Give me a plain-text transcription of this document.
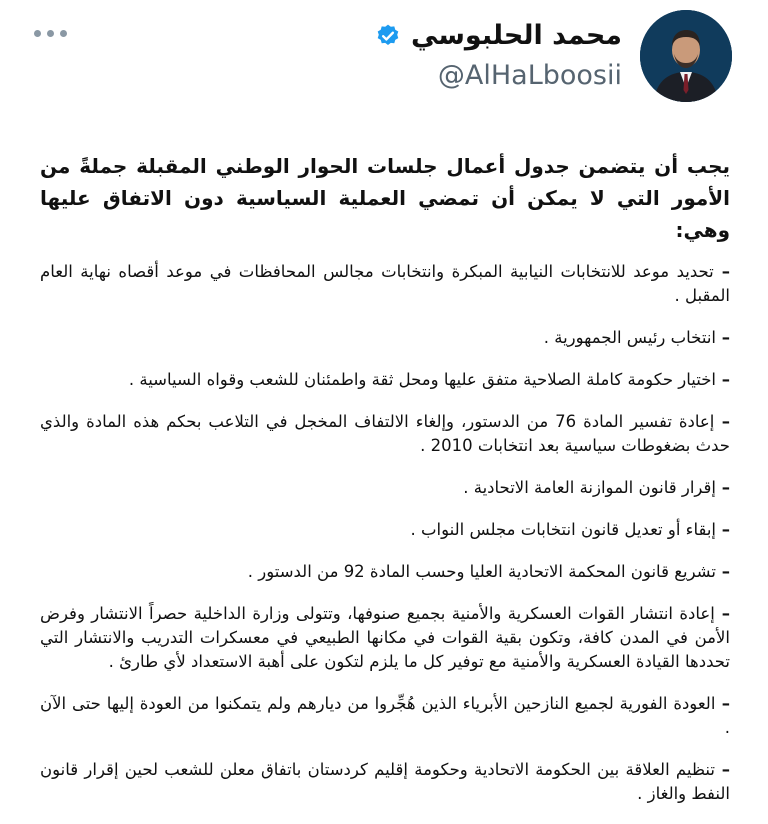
محمد الحلبوسي
@AlHaLboosii

يجب أن يتضمن جدول أعمال جلسات الحوار الوطني المقبلة جملةً من الأمور التي لا يمكن أن تمضي العملية السياسية دون الاتفاق عليها وهي:

– تحديد موعد للانتخابات النيابية المبكرة وانتخابات مجالس المحافظات في موعد أقصاه نهاية العام المقبل .
– انتخاب رئيس الجمهورية .
– اختيار حكومة كاملة الصلاحية متفق عليها ومحل ثقة واطمئنان للشعب وقواه السياسية .
– إعادة تفسير المادة 76 من الدستور، وإلغاء الالتفاف المخجل في التلاعب بحكم هذه المادة والذي حدث بضغوطات سياسية بعد انتخابات 2010 .
– إقرار قانون الموازنة العامة الاتحادية .
– إبقاء أو تعديل قانون انتخابات مجلس النواب .
– تشريع قانون المحكمة الاتحادية العليا وحسب المادة 92 من الدستور .
– إعادة انتشار القوات العسكرية والأمنية بجميع صنوفها، وتتولى وزارة الداخلية حصراً الانتشار وفرض الأمن في المدن كافة، وتكون بقية القوات في مكانها الطبيعي في معسكرات التدريب والانتشار التي تحددها القيادة العسكرية والأمنية مع توفير كل ما يلزم لتكون على أهبة الاستعداد لأي طارئ .
– العودة الفورية لجميع النازحين الأبرياء الذين هُجِّروا من ديارهم ولم يتمكنوا من العودة إليها حتى الآن .
– تنظيم العلاقة بين الحكومة الاتحادية وحكومة إقليم كردستان باتفاق معلن للشعب لحين إقرار قانون النفط والغاز .
